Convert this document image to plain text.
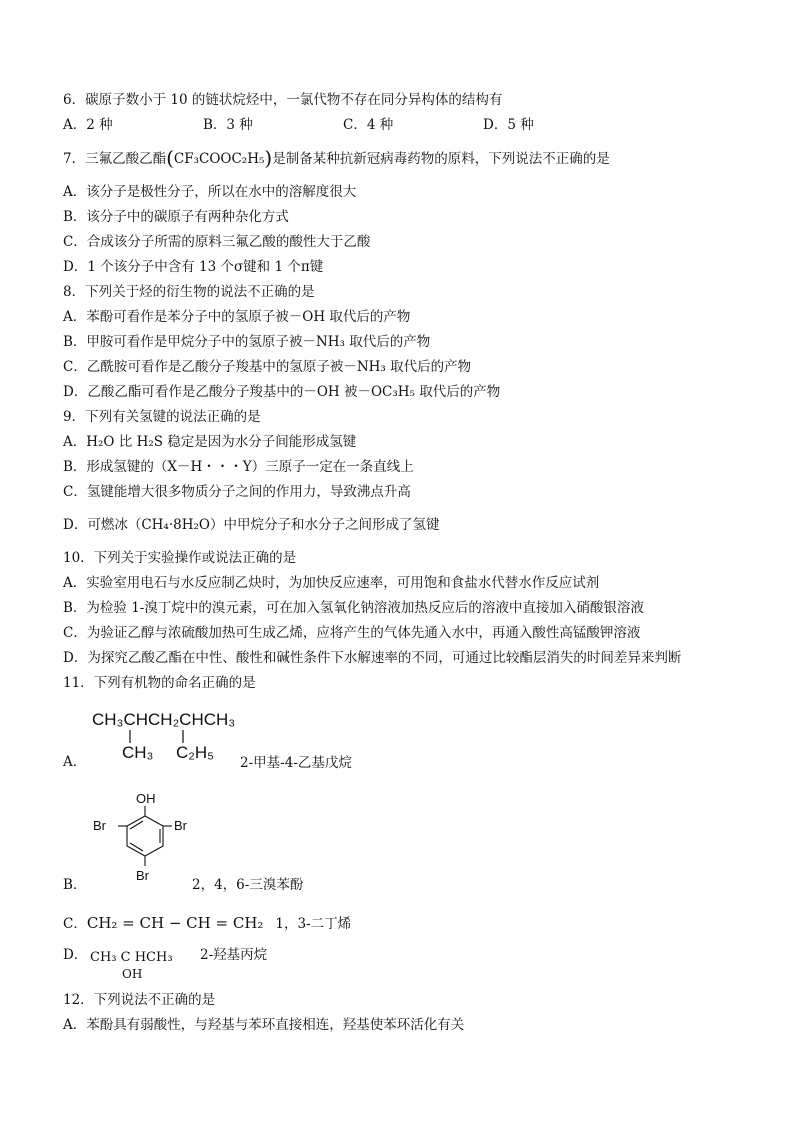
6．碳原子数小于 10 的链状烷烃中，一氯代物不存在同分异构体的结构有
A．2 种	B．3 种	C．4 种	D．5 种
7．三氟乙酸乙酯(CF₃COOC₂H₅)是制备某种抗新冠病毒药物的原料，下列说法不正确的是
A．该分子是极性分子，所以在水中的溶解度很大
B．该分子中的碳原子有两种杂化方式
C．合成该分子所需的原料三氟乙酸的酸性大于乙酸
D．1 个该分子中含有 13 个σ键和 1 个π键
8．下列关于烃的衍生物的说法不正确的是
A．苯酚可看作是苯分子中的氢原子被－OH 取代后的产物
B．甲胺可看作是甲烷分子中的氢原子被－NH₃ 取代后的产物
C．乙酰胺可看作是乙酸分子羧基中的氢原子被－NH₃ 取代后的产物
D．乙酸乙酯可看作是乙酸分子羧基中的－OH 被－OC₃H₅ 取代后的产物
9．下列有关氢键的说法正确的是
A．H₂O 比 H₂S 稳定是因为水分子间能形成氢键
B．形成氢键的（X－H・・・Y）三原子一定在一条直线上
C．氢键能增大很多物质分子之间的作用力，导致沸点升高
D．可燃冰（CH₄·8H₂O）中甲烷分子和水分子之间形成了氢键
10．下列关于实验操作或说法正确的是
A．实验室用电石与水反应制乙炔时，为加快反应速率，可用饱和食盐水代替水作反应试剂
B．为检验 1-溴丁烷中的溴元素，可在加入氢氧化钠溶液加热反应后的溶液中直接加入硝酸银溶液
C．为验证乙醇与浓硫酸加热可生成乙烯，应将产生的气体先通入水中，再通入酸性高锰酸钾溶液
D．为探究乙酸乙酯在中性、酸性和碱性条件下水解速率的不同，可通过比较酯层消失的时间差异来判断
11．下列有机物的命名正确的是
A．
CH₃CHCH₂CHCH₃
CH₃ C₂H₅
2-甲基-4-乙基戊烷
OH
Br	Br
Br
B．	2，4，6-三溴苯酚
C．CH₂ = CH − CH = CH₂ 1，3-二丁烯
D． CH₃ C HCH₃
OH
2-羟基丙烷
12．下列说法不正确的是
A．苯酚具有弱酸性，与羟基与苯环直接相连，羟基使苯环活化有关
